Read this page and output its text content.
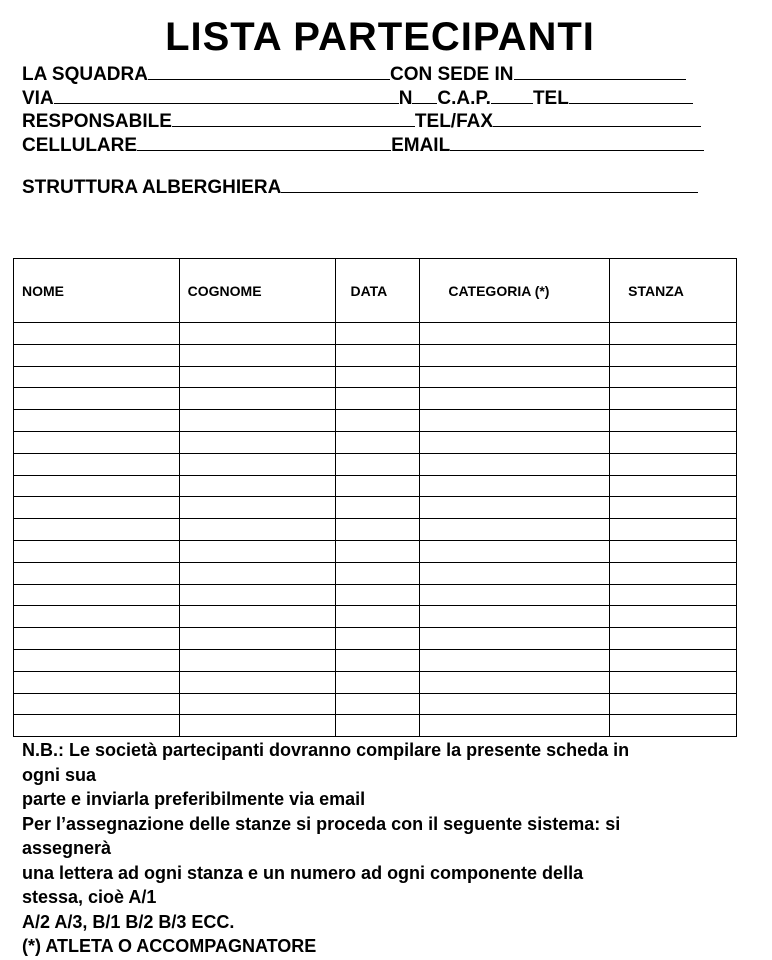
LISTA PARTECIPANTI
LA SQUADRA	CON SEDE IN
VIA	N C.A.P. TEL
RESPONSABILE	TEL/FAX
CELLULARE	EMAIL
STRUTTURA ALBERGHIERA
NOME	COGNOME	DATA	CATEGORIA (*)	STANZA

N.B.: Le società partecipanti dovranno compilare la presente scheda in
ogni sua
parte e inviarla preferibilmente via email
Per l’assegnazione delle stanze si proceda con il seguente sistema: si
assegnerà
una lettera ad ogni stanza e un numero ad ogni componente della
stessa, cioè A/1
A/2 A/3, B/1 B/2 B/3 ECC.
(*) ATLETA O ACCOMPAGNATORE
